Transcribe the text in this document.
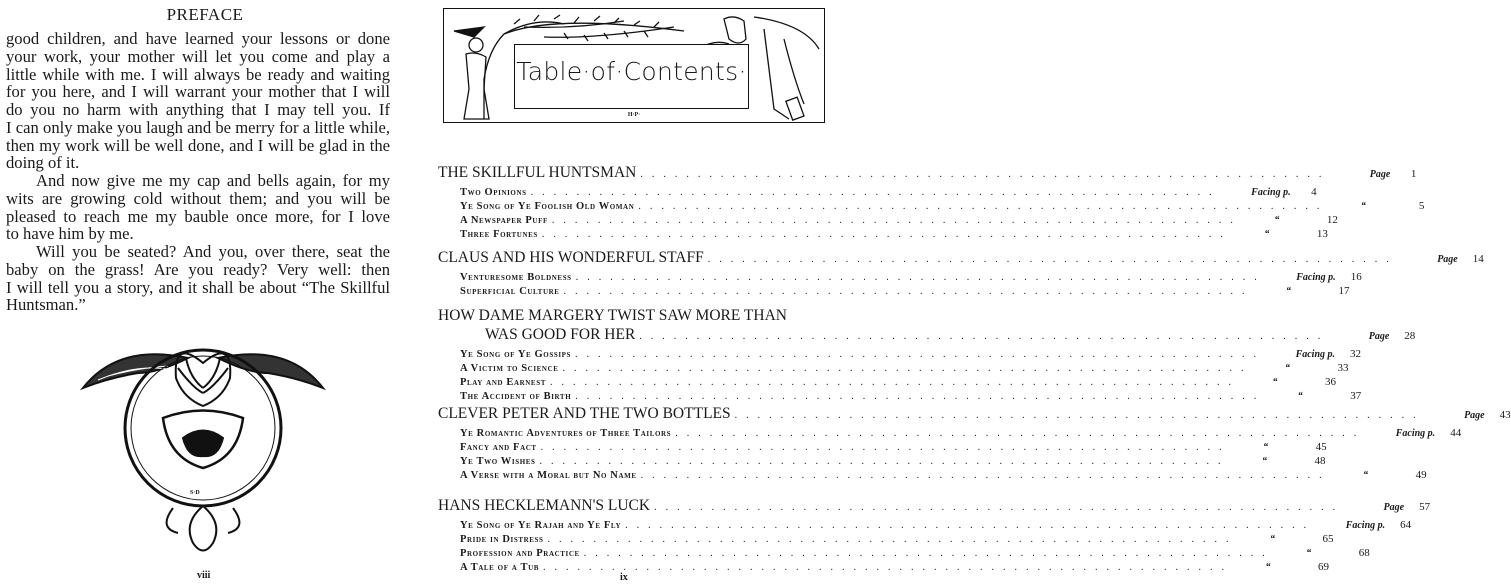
PREFACE
good children, and have learned your lessons or done
your work, your mother will let you come and play a
little while with me. I will always be ready and waiting
for you here, and I will warrant your mother that I will
do you no harm with anything that I may tell you. If
I can only make you laugh and be merry for a little while,
then my work will be well done, and I will be glad in the
doing of it.
And now give me my cap and bells again, for my
wits are growing cold without them; and you will be
pleased to reach me my bauble once more, for I love
to have him by me.
Will you be seated? And you, over there, seat the
baby on the grass! Are you ready? Very well: then
I will tell you a story, and it shall be about “The Skillful
Huntsman.”
S·D
viii
Table·of·Contents·
H·P·
THE SKILLFUL HUNTSMAN ............................................................	Page	1
Two Opinions ............................................................	Facing p.	4
Ye Song of Ye Foolish Old Woman ............................................................	“	5
A Newspaper Puff ............................................................	“	12
Three Fortunes ............................................................	“	13
CLAUS AND HIS WONDERFUL STAFF ............................................................	Page	14
Venturesome Boldness ............................................................	Facing p.	16
Superficial Culture ............................................................	“	17
HOW DAME MARGERY TWIST SAW MORE THAN
WAS GOOD FOR HER ............................................................	Page	28
Ye Song of Ye Gossips ............................................................	Facing p.	32
A Victim to Science ............................................................	“	33
Play and Earnest ............................................................	“	36
The Accident of Birth ............................................................	“	37
CLEVER PETER AND THE TWO BOTTLES ............................................................	Page	43
Ye Romantic Adventures of Three Tailors ............................................................	Facing p.	44
Fancy and Fact ............................................................	“	45
Ye Two Wishes ............................................................	“	48
A Verse with a Moral but No Name ............................................................	“	49
HANS HECKLEMANN'S LUCK ............................................................	Page	57
Ye Song of Ye Rajah and Ye Fly ............................................................	Facing p.	64
Pride in Distress ............................................................	“	65
Profession and Practice ............................................................	“	68
A Tale of a Tub ............................................................	“	69
ix
